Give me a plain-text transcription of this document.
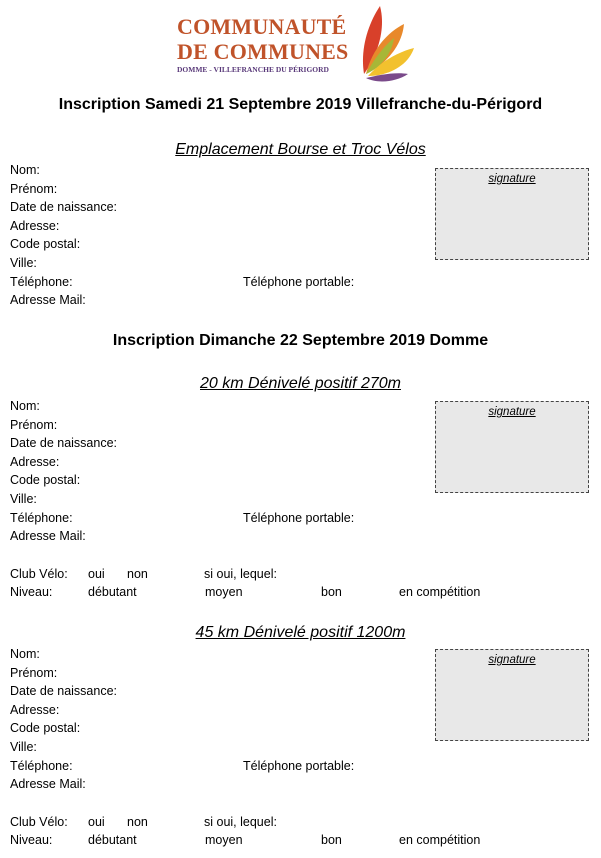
COMMUNAUTÉ
DE COMMUNES
DOMME - VILLEFRANCHE DU PÉRIGORD
Inscription Samedi 21 Septembre 2019 Villefranche-du-Périgord
Emplacement Bourse et Troc Vélos
Nom:
Prénom:
Date de naissance:
Adresse:
Code postal:
Ville:
Téléphone:	Téléphone portable:
Adresse Mail:
signature
Inscription Dimanche 22 Septembre 2019 Domme
20 km Dénivelé positif 270m
Nom:
Prénom:
Date de naissance:
Adresse:
Code postal:
Ville:
Téléphone:	Téléphone portable:
Adresse Mail:
Club Vélo: oui non	si oui, lequel:
Niveau:	débutant	moyen	bon	en compétition
signature
45 km Dénivelé positif 1200m
Nom:
Prénom:
Date de naissance:
Adresse:
Code postal:
Ville:
Téléphone:	Téléphone portable:
Adresse Mail:
Club Vélo: oui non	si oui, lequel:
Niveau:	débutant	moyen	bon	en compétition
signature
